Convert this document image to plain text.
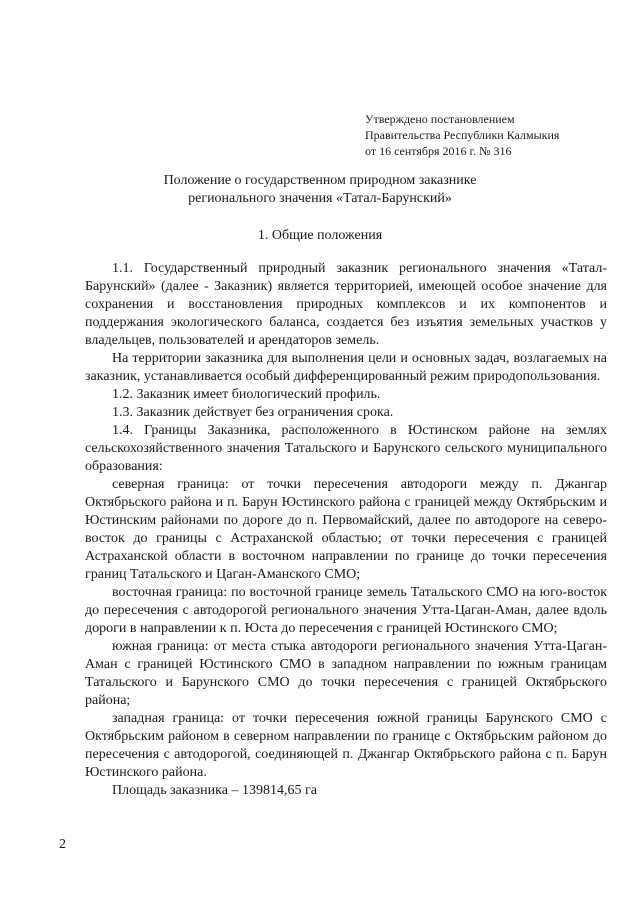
Утверждено постановлением
Правительства Республики Калмыкия
от 16 сентября 2016 г. № 316
Положение о государственном природном заказнике
регионального значения «Татал-Барунский»
1. Общие положения

1.1. Государственный природный заказник регионального значения «Татал-Барунский» (далее - Заказник) является территорией, имеющей особое значение для сохранения и восстановления природных комплексов и их компонентов и поддержания экологического баланса, создается без изъятия земельных участков у владельцев, пользователей и арендаторов земель.

На территории заказника для выполнения цели и основных задач, возлагаемых на заказник, устанавливается особый дифференцированный режим природопользования.

1.2. Заказник имеет биологический профиль.

1.3. Заказник действует без ограничения срока.

1.4. Границы Заказника, расположенного в Юстинском районе на землях сельскохозяйственного значения Татальского и Барунского сельского муниципального образования:

северная граница: от точки пересечения автодороги между п. Джангар Октябрьского района и п. Барун Юстинского района с границей между Октябрьским и Юстинским районами по дороге до п. Первомайский, далее по автодороге на северо-восток до границы с Астраханской областью; от точки пересечения с границей Астраханской области в восточном направлении по границе до точки пересечения границ Татальского и Цаган-Аманского СМО;

восточная граница: по восточной границе земель Татальского СМО на юго-восток до пересечения с автодорогой регионального значения Утта-Цаган-Аман, далее вдоль дороги в направлении к п. Юста до пересечения с границей Юстинского СМО;

южная граница: от места стыка автодороги регионального значения Утта-Цаган-Аман с границей Юстинского СМО в западном направлении по южным границам Татальского и Барунского СМО до точки пересечения с границей Октябрьского района;

западная граница: от точки пересечения южной границы Барунского СМО с Октябрьским районом в северном направлении по границе с Октябрьским районом до пересечения с автодорогой, соединяющей п. Джангар Октябрьского района с п. Барун Юстинского района.

Площадь заказника – 139814,65 га

2
